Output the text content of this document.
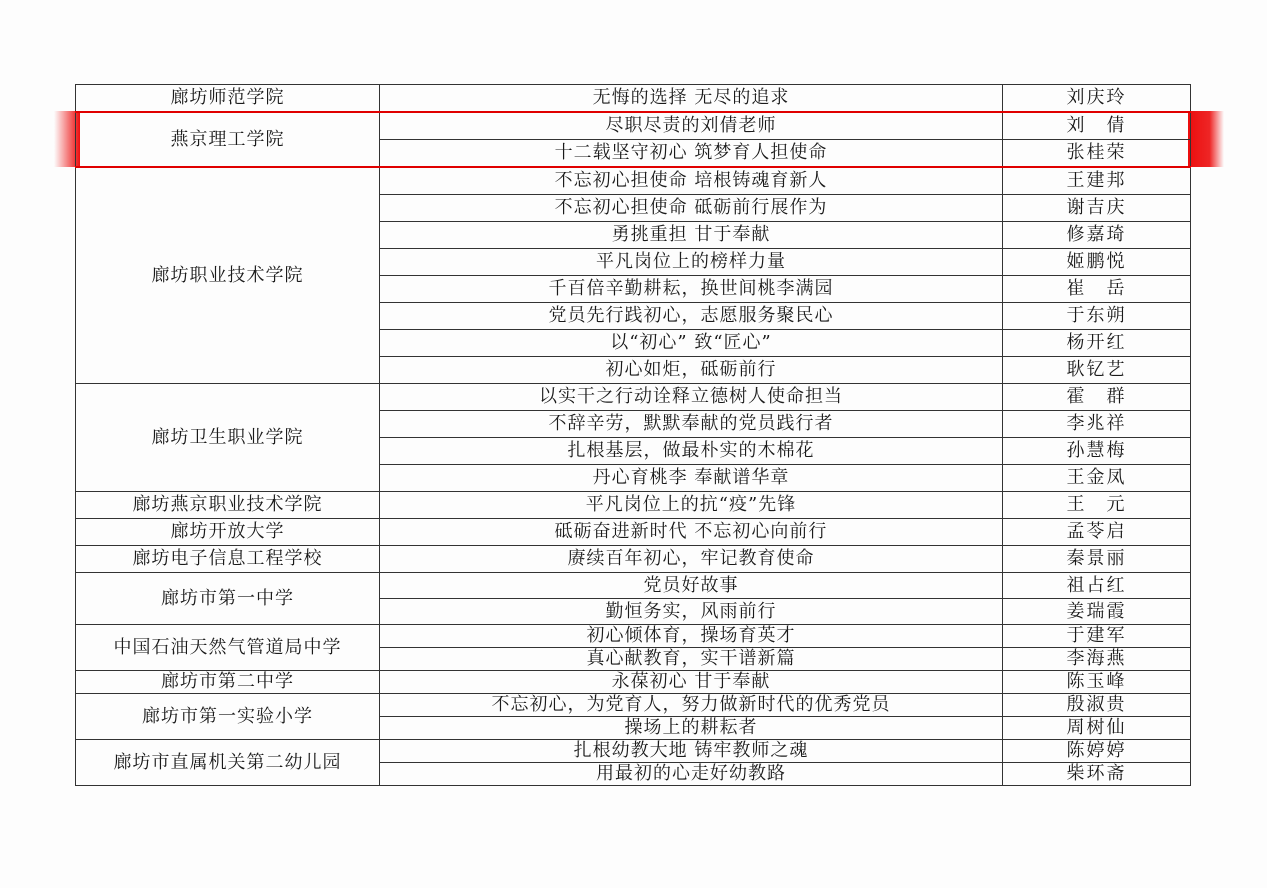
廊坊师范学院	无悔的选择 无尽的追求	刘庆玲
燕京理工学院	尽职尽责的刘倩老师	刘　倩
	十二载坚守初心 筑梦育人担使命	张桂荣
廊坊职业技术学院	不忘初心担使命 培根铸魂育新人	王建邦
	不忘初心担使命 砥砺前行展作为	谢吉庆
	勇挑重担 甘于奉献	修嘉琦
	平凡岗位上的榜样力量	姬鹏悦
	千百倍辛勤耕耘，换世间桃李满园	崔　岳
	党员先行践初心，志愿服务聚民心	于东朔
	以“初心” 致“匠心”	杨开红
	初心如炬，砥砺前行	耿钇艺
廊坊卫生职业学院	以实干之行动诠释立德树人使命担当	霍　群
	不辞辛劳，默默奉献的党员践行者	李兆祥
	扎根基层，做最朴实的木棉花	孙慧梅
	丹心育桃李 奉献谱华章	王金凤
廊坊燕京职业技术学院	平凡岗位上的抗“疫”先锋	王　元
廊坊开放大学	砥砺奋进新时代 不忘初心向前行	孟苓启
廊坊电子信息工程学校	赓续百年初心，牢记教育使命	秦景丽
廊坊市第一中学	党员好故事	祖占红
	勤恒务实，风雨前行	姜瑞霞
中国石油天然气管道局中学	初心倾体育，操场育英才	于建军
	真心献教育，实干谱新篇	李海燕
廊坊市第二中学	永葆初心 甘于奉献	陈玉峰
廊坊市第一实验小学	不忘初心，为党育人，努力做新时代的优秀党员	殷淑贵
	操场上的耕耘者	周树仙
廊坊市直属机关第二幼儿园	扎根幼教大地 铸牢教师之魂	陈婷婷
	用最初的心走好幼教路	柴环斋
